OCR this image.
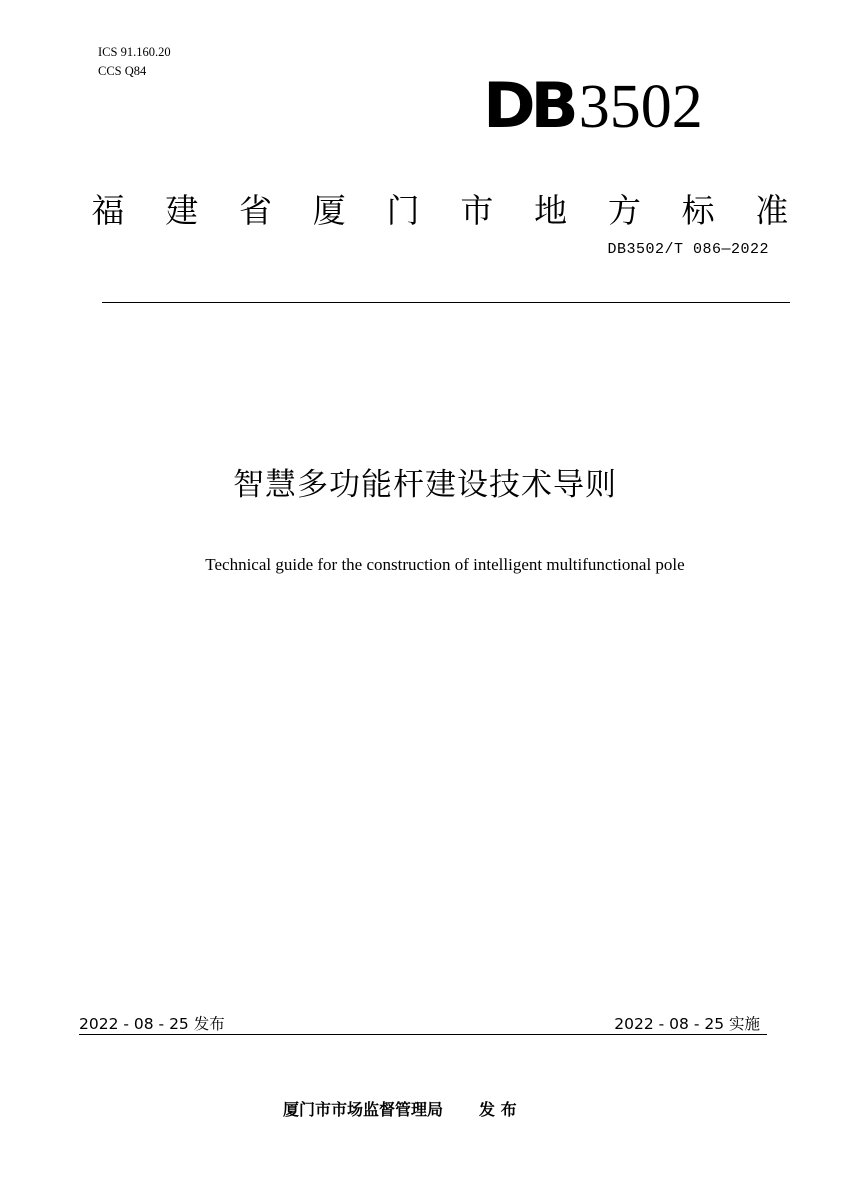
ICS 91.160.20
CCS Q84	DB3502
福 建 省 厦 门 市 地 方 标 准
DB3502/T 086—2022
智慧多功能杆建设技术导则
Technical guide for the construction of intelligent multifunctional pole
2022 - 08 - 25 发布	2022 - 08 - 25 实施
厦门市市场监督管理局 发 布
